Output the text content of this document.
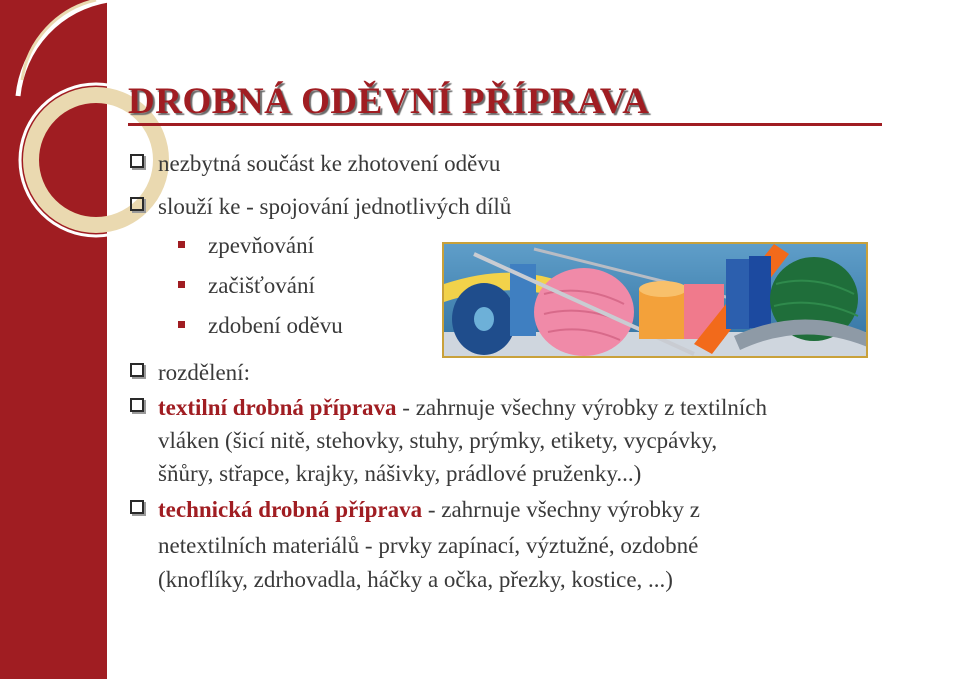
DROBNÁ ODĚVNÍ PŘÍPRAVA
nezbytná součást ke zhotovení oděvu
slouží ke - spojování jednotlivých dílů
zpevňování
začišťování
zdobení oděvu
rozdělení:
textilní drobná příprava - zahrnuje všechny výrobky z textilních
vláken (šicí nitě, stehovky, stuhy, prýmky, etikety, vycpávky,
šňůry, střapce, krajky, nášivky, prádlové pruženky...)
technická drobná příprava - zahrnuje všechny výrobky z
netextilních materiálů - prvky zapínací, výztužné, ozdobné
(knoflíky, zdrhovadla, háčky a očka, přezky, kostice, ...)
